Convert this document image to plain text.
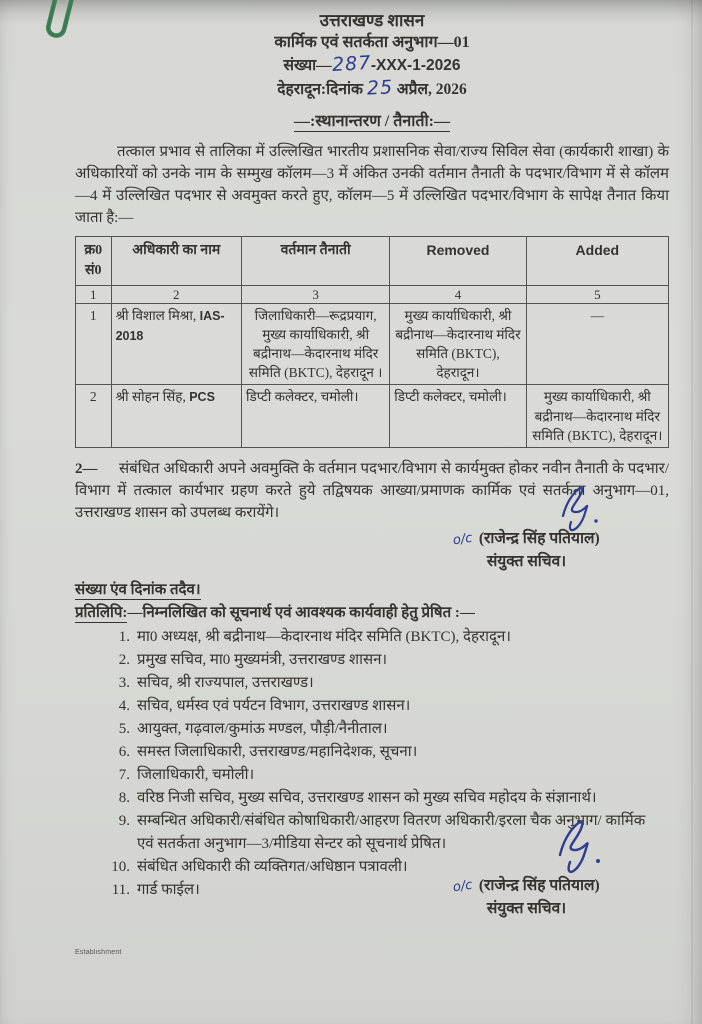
उत्तराखण्ड शासन
कार्मिक एवं सतर्कता अनुभाग—01
संख्या—287-XXX-1-2026
देहरादून:दिनांक 25 अप्रैल, 2026
—:स्थानान्तरण / तैनाती:—
तत्काल प्रभाव से तालिका में उल्लिखित भारतीय प्रशासनिक सेवा/राज्य सिविल सेवा (कार्यकारी शाखा) के अधिकारियों को उनके नाम के सम्मुख कॉलम—3 में अंकित उनकी वर्तमान तैनाती के पदभार/विभाग में से कॉलम—4 में उल्लिखित पदभार से अवमुक्त करते हुए, कॉलम—5 में उल्लिखित पदभार/विभाग के सापेक्ष तैनात किया जाता है:—
क्र0 सं0	अधिकारी का नाम	वर्तमान तैनाती	Removed	Added
1	2	3	4	5
1	श्री विशाल मिश्रा, IAS-2018	जिलाधिकारी—रूद्रप्रयाग, मुख्य कार्याधिकारी, श्री बद्रीनाथ—केदारनाथ मंदिर समिति (BKTC), देहरादून ।	मुख्य कार्याधिकारी, श्री बद्रीनाथ—केदारनाथ मंदिर समिति (BKTC), देहरादून।	—
2	श्री सोहन सिंह, PCS	डिप्टी कलेक्टर, चमोली।	डिप्टी कलेक्टर, चमोली।	मुख्य कार्याधिकारी, श्री बद्रीनाथ—केदारनाथ मंदिर समिति (BKTC), देहरादून।
2— संबंधित अधिकारी अपने अवमुक्ति के वर्तमान पदभार/विभाग से कार्यमुक्त होकर नवीन तैनाती के पदभार/विभाग में तत्काल कार्यभार ग्रहण करते हुये तद्विषयक आख्या/प्रमाणक कार्मिक एवं सतर्कता अनुभाग—01, उत्तराखण्ड शासन को उपलब्ध करायेंगे।
o/c (राजेन्द्र सिंह पतियाल)
संयुक्त सचिव।
संख्या एंव दिनांक तदैव।
प्रतिलिपि:—निम्नलिखित को सूचनार्थ एवं आवश्यक कार्यवाही हेतु प्रेषित :—
1. मा0 अध्यक्ष, श्री बद्रीनाथ—केदारनाथ मंदिर समिति (BKTC), देहरादून।
2. प्रमुख सचिव, मा0 मुख्यमंत्री, उत्तराखण्ड शासन।
3. सचिव, श्री राज्यपाल, उत्तराखण्ड।
4. सचिव, धर्मस्व एवं पर्यटन विभाग, उत्तराखण्ड शासन।
5. आयुक्त, गढ़वाल/कुमांऊ मण्डल, पौड़ी/नैनीताल।
6. समस्त जिलाधिकारी, उत्तराखण्ड/महानिदेशक, सूचना।
7. जिलाधिकारी, चमोली।
8. वरिष्ठ निजी सचिव, मुख्य सचिव, उत्तराखण्ड शासन को मुख्य सचिव महोदय के संज्ञानार्थ।
9. सम्बन्धित अधिकारी/संबंधित कोषाधिकारी/आहरण वितरण अधिकारी/इरला चैक अनुभाग/ कार्मिक एवं सतर्कता अनुभाग—3/मीडिया सेन्टर को सूचनार्थ प्रेषित।
10. संबंधित अधिकारी की व्यक्तिगत/अधिष्ठान पत्रावली।
11. गार्ड फाईल।	o/c (राजेन्द्र सिंह पतियाल)
संयुक्त सचिव।
Establishment
